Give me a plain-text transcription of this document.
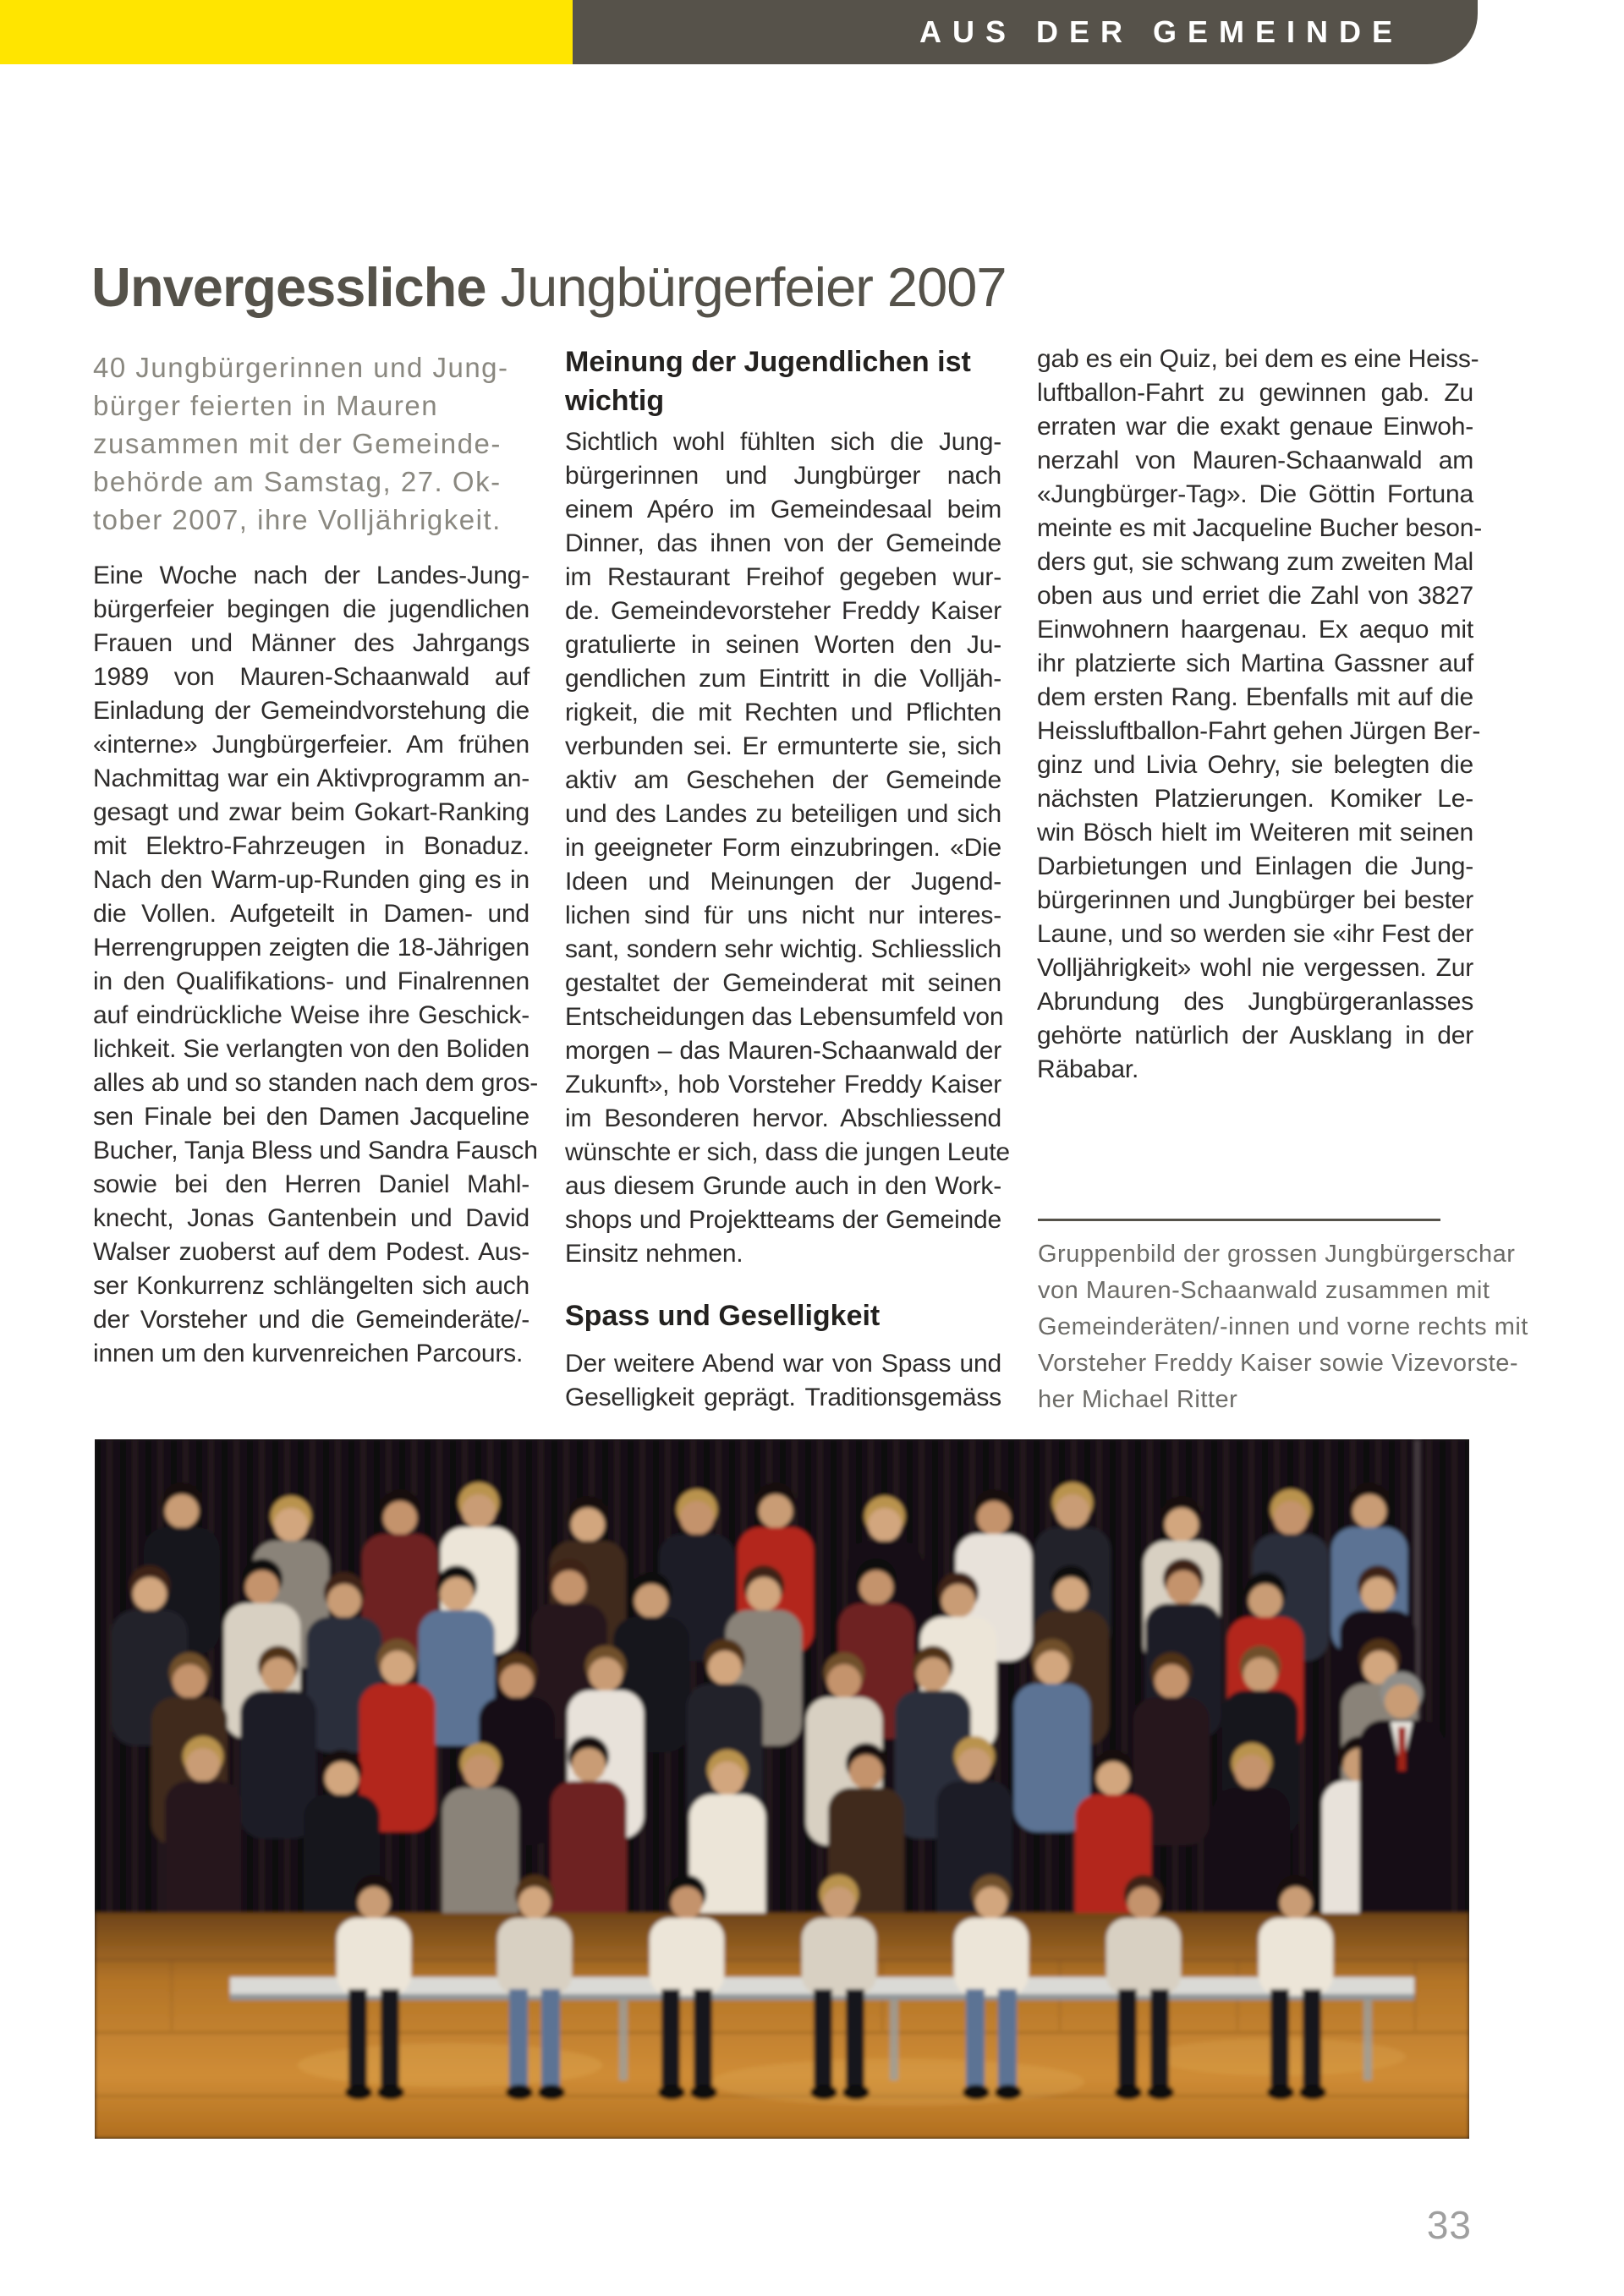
AUS DER GEMEINDE
Unvergessliche Jungbürgerfeier 2007
40 Jungbürgerinnen und Jung-
bürger feierten in Mauren
zusammen mit der Gemeinde-
behörde am Samstag, 27. Ok-
tober 2007, ihre Volljährigkeit.
Eine Woche nach der Landes-Jung-
bürgerfeier begingen die jugendlichen
Frauen und Männer des Jahrgangs
1989 von Mauren-Schaanwald auf
Einladung der Gemeindvorstehung die
«interne» Jungbürgerfeier. Am frühen
Nachmittag war ein Aktivprogramm an-
gesagt und zwar beim Gokart-Ranking
mit Elektro-Fahrzeugen in Bonaduz.
Nach den Warm-up-Runden ging es in
die Vollen. Aufgeteilt in Damen- und
Herrengruppen zeigten die 18-Jährigen
in den Qualifikations- und Finalrennen
auf eindrückliche Weise ihre Geschick-
lichkeit. Sie verlangten von den Boliden
alles ab und so standen nach dem gros-
sen Finale bei den Damen Jacqueline
Bucher, Tanja Bless und Sandra Fausch
sowie bei den Herren Daniel Mahl-
knecht, Jonas Gantenbein und David
Walser zuoberst auf dem Podest. Aus-
ser Konkurrenz schlängelten sich auch
der Vorsteher und die Gemeinderäte/-
innen um den kurvenreichen Parcours.
Meinung der Jugendlichen ist
wichtig
Sichtlich wohl fühlten sich die Jung-
bürgerinnen und Jungbürger nach
einem Apéro im Gemeindesaal beim
Dinner, das ihnen von der Gemeinde
im Restaurant Freihof gegeben wur-
de. Gemeindevorsteher Freddy Kaiser
gratulierte in seinen Worten den Ju-
gendlichen zum Eintritt in die Volljäh-
rigkeit, die mit Rechten und Pflichten
verbunden sei. Er ermunterte sie, sich
aktiv am Geschehen der Gemeinde
und des Landes zu beteiligen und sich
in geeigneter Form einzubringen. «Die
Ideen und Meinungen der Jugend-
lichen sind für uns nicht nur interes-
sant, sondern sehr wichtig. Schliesslich
gestaltet der Gemeinderat mit seinen
Entscheidungen das Lebensumfeld von
morgen – das Mauren-Schaanwald der
Zukunft», hob Vorsteher Freddy Kaiser
im Besonderen hervor. Abschliessend
wünschte er sich, dass die jungen Leute
aus diesem Grunde auch in den Work-
shops und Projektteams der Gemeinde
Einsitz nehmen.
Spass und Geselligkeit
Der weitere Abend war von Spass und
Geselligkeit geprägt. Traditionsgemäss
gab es ein Quiz, bei dem es eine Heiss-
luftballon-Fahrt zu gewinnen gab. Zu
erraten war die exakt genaue Einwoh-
nerzahl von Mauren-Schaanwald am
«Jungbürger-Tag». Die Göttin Fortuna
meinte es mit Jacqueline Bucher beson-
ders gut, sie schwang zum zweiten Mal
oben aus und erriet die Zahl von 3827
Einwohnern haargenau. Ex aequo mit
ihr platzierte sich Martina Gassner auf
dem ersten Rang. Ebenfalls mit auf die
Heissluftballon-Fahrt gehen Jürgen Ber-
ginz und Livia Oehry, sie belegten die
nächsten Platzierungen. Komiker Le-
win Bösch hielt im Weiteren mit seinen
Darbietungen und Einlagen die Jung-
bürgerinnen und Jungbürger bei bester
Laune, und so werden sie «ihr Fest der
Volljährigkeit» wohl nie vergessen. Zur
Abrundung des Jungbürgeranlasses
gehörte natürlich der Ausklang in der
Räbabar.
Gruppenbild der grossen Jungbürgerschar
von Mauren-Schaanwald zusammen mit
Gemeinderäten/-innen und vorne rechts mit
Vorsteher Freddy Kaiser sowie Vizevorste-
her Michael Ritter
33
